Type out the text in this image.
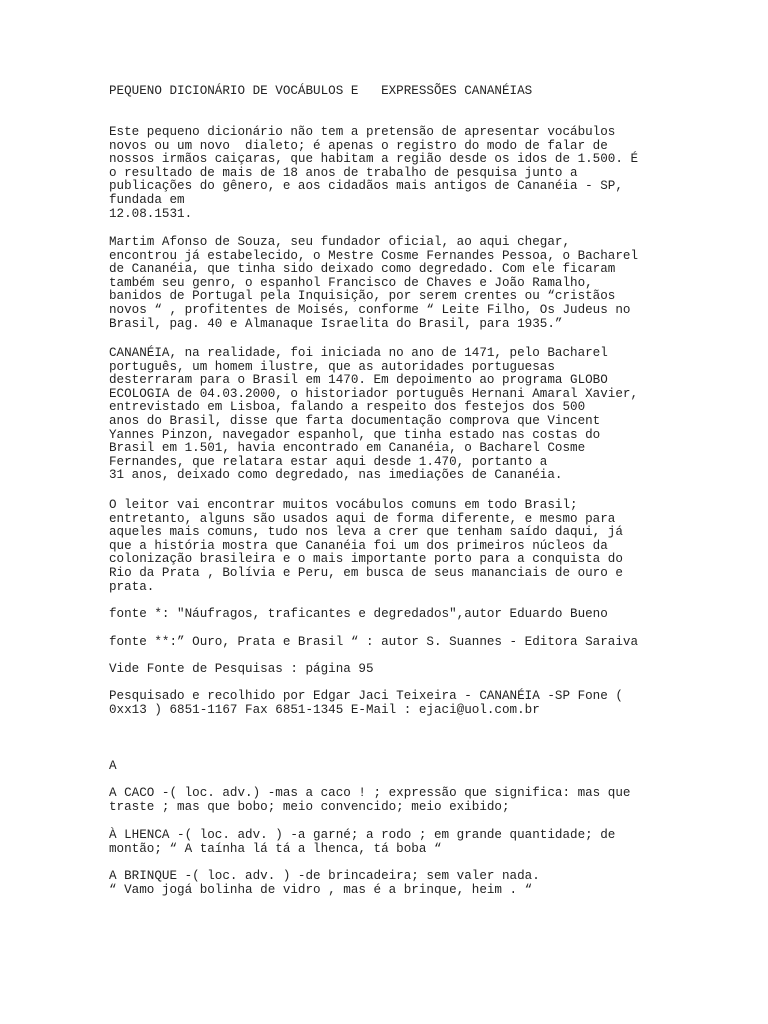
PEQUENO DICIONÁRIO DE VOCÁBULOS E   EXPRESSÕES CANANÉIAS

Este pequeno dicionário não tem a pretensão de apresentar vocábulos

novos ou um novo  dialeto; é apenas o registro do modo de falar de

nossos irmãos caiçaras, que habitam a região desde os idos de 1.500. É

o resultado de mais de 18 anos de trabalho de pesquisa junto a

publicações do gênero, e aos cidadãos mais antigos de Cananéia - SP,

fundada em

12.08.1531.

Martim Afonso de Souza, seu fundador oficial, ao aqui chegar,

encontrou já estabelecido, o Mestre Cosme Fernandes Pessoa, o Bacharel

de Cananéia, que tinha sido deixado como degredado. Com ele ficaram

também seu genro, o espanhol Francisco de Chaves e João Ramalho,

banidos de Portugal pela Inquisição, por serem crentes ou “cristãos

novos “ , profitentes de Moisés, conforme “ Leite Filho, Os Judeus no

Brasil, pag. 40 e Almanaque Israelita do Brasil, para 1935.”

CANANÉIA, na realidade, foi iniciada no ano de 1471, pelo Bacharel

português, um homem ilustre, que as autoridades portuguesas

desterraram para o Brasil em 1470. Em depoimento ao programa GLOBO

ECOLOGIA de 04.03.2000, o historiador português Hernani Amaral Xavier,

entrevistado em Lisboa, falando a respeito dos festejos dos 500

anos do Brasil, disse que farta documentação comprova que Vincent

Yannes Pinzon, navegador espanhol, que tinha estado nas costas do

Brasil em 1.501, havia encontrado em Cananéia, o Bacharel Cosme

Fernandes, que relatara estar aqui desde 1.470, portanto a

31 anos, deixado como degredado, nas imediações de Cananéia.

O leitor vai encontrar muitos vocábulos comuns em todo Brasil;

entretanto, alguns são usados aqui de forma diferente, e mesmo para

aqueles mais comuns, tudo nos leva a crer que tenham saído daqui, já

que a história mostra que Cananéia foi um dos primeiros núcleos da

colonização brasileira e o mais importante porto para a conquista do

Rio da Prata , Bolívia e Peru, em busca de seus mananciais de ouro e

prata.

fonte *: "Náufragos, traficantes e degredados",autor Eduardo Bueno

fonte **:” Ouro, Prata e Brasil “ : autor S. Suannes - Editora Saraiva

Vide Fonte de Pesquisas : página 95

Pesquisado e recolhido por Edgar Jaci Teixeira - CANANÉIA -SP Fone (

0xx13 ) 6851-1167 Fax 6851-1345 E-Mail : ejaci@uol.com.br

A

A CACO -( loc. adv.) -mas a caco ! ; expressão que significa: mas que

traste ; mas que bobo; meio convencido; meio exibido;

À LHENCA -( loc. adv. ) -a garné; a rodo ; em grande quantidade; de

montão; “ A taínha lá tá a lhenca, tá boba “

A BRINQUE -( loc. adv. ) -de brincadeira; sem valer nada.

“ Vamo jogá bolinha de vidro , mas é a brinque, heim . “
